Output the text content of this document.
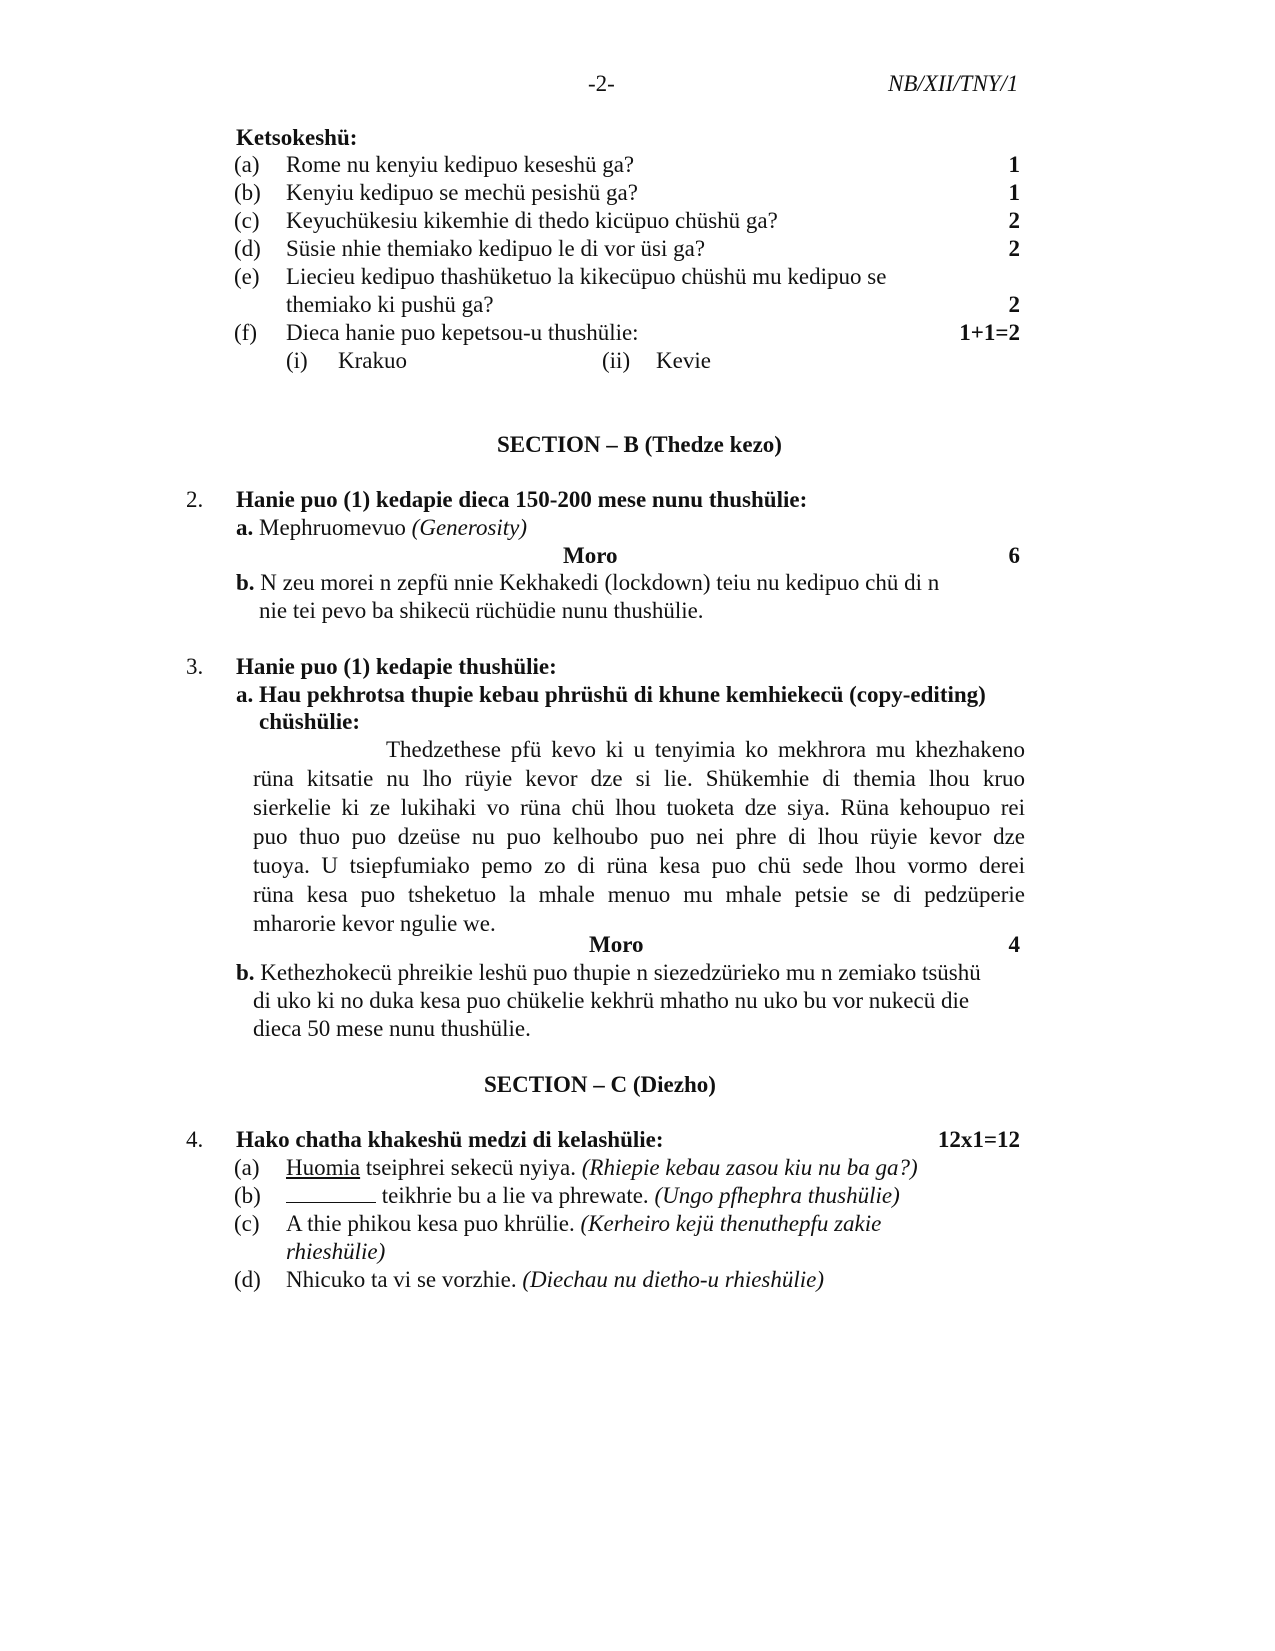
-2-	NB/XII/TNY/1
Ketsokeshü:
(a) Rome nu kenyiu kedipuo keseshü ga?	1
(b) Kenyiu kedipuo se mechü pesishü ga?	1
(c) Keyuchükesiu kikemhie di thedo kicüpuo chüshü ga?	2
(d) Süsie nhie themiako kedipuo le di vor üsi ga?	2
(e) Liecieu kedipuo thashüketuo la kikecüpuo chüshü mu kedipuo se
themiako ki pushü ga?	2
(f) Dieca hanie puo kepetsou-u thushülie:	1+1=2
(i) Krakuo	(ii) Kevie
SECTION – B (Thedze kezo)
2. Hanie puo (1) kedapie dieca 150-200 mese nunu thushülie:
a. Mephruomevuo (Generosity)
Moro	6
b. N zeu morei n zepfü nnie Kekhakedi (lockdown) teiu nu kedipuo chü di n
nie tei pevo ba shikecü rüchüdie nunu thushülie.
3. Hanie puo (1) kedapie thushülie:
a. Hau pekhrotsa thupie kebau phrüshü di khune kemhiekecü (copy-editing)
chüshülie:
Thedzethese pfü kevo ki u tenyimia ko mekhrora mu khezhakeno
rüna kitsatie nu lho rüyie kevor dze si lie. Shükemhie di themia lhou kruo
sierkelie ki ze lukihaki vo rüna chü lhou tuoketa dze siya. Rüna kehoupuo rei
puo thuo puo dzeüse nu puo kelhoubo puo nei phre di lhou rüyie kevor dze
tuoya. U tsiepfumiako pemo zo di rüna kesa puo chü sede lhou vormo derei
rüna kesa puo tsheketuo la mhale menuo mu mhale petsie se di pedzüperie
mharorie kevor ngulie we.
Moro	4
b. Kethezhokecü phreikie leshü puo thupie n siezedzürieko mu n zemiako tsüshü
di uko ki no duka kesa puo chükelie kekhrü mhatho nu uko bu vor nukecü die
dieca 50 mese nunu thushülie.
SECTION – C (Diezho)
4. Hako chatha khakeshü medzi di kelashülie:	12x1=12
(a) Huomia tseiphrei sekecü nyiya. (Rhiepie kebau zasou kiu nu ba ga?)
(b)	teikhrie bu a lie va phrewate. (Ungo pfhephra thushülie)
(c) A thie phikou kesa puo khrülie. (Kerheiro kejü thenuthepfu zakie
rhieshülie)
(d) Nhicuko ta vi se vorzhie. (Diechau nu dietho-u rhieshülie)
